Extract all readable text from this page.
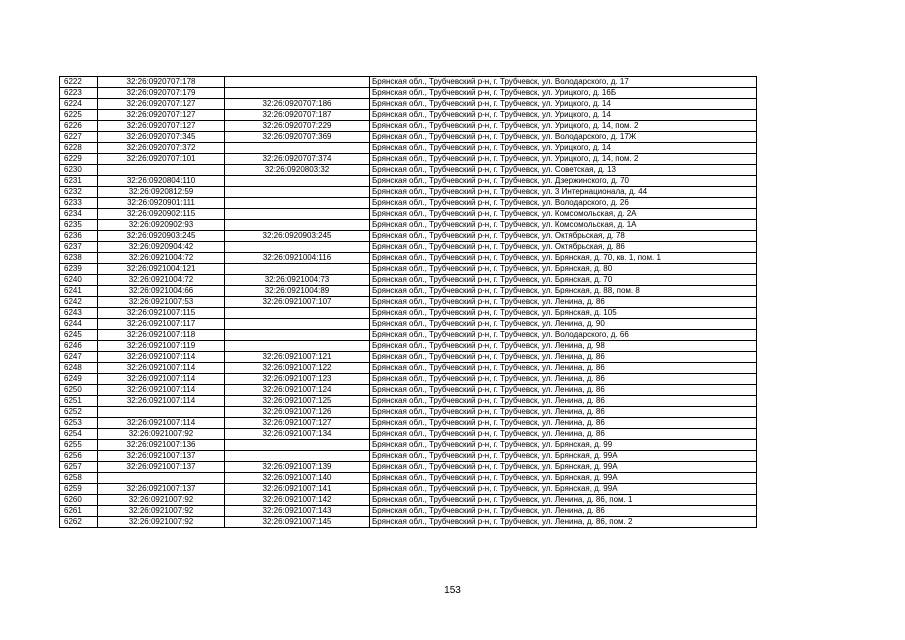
6222	32:26:0920707:178		Брянская обл., Трубчевский р-н, г. Трубчевск, ул. Володарского, д. 17
6223	32:26:0920707:179		Брянская обл., Трубчевский р-н, г. Трубчевск, ул. Урицкого, д. 16Б
6224	32:26:0920707:127	32:26:0920707:186	Брянская обл., Трубчевский р-н, г. Трубчевск, ул. Урицкого, д. 14
6225	32:26:0920707:127	32:26:0920707:187	Брянская обл., Трубчевский р-н, г. Трубчевск, ул. Урицкого, д. 14
6226	32:26:0920707:127	32:26:0920707:229	Брянская обл., Трубчевский р-н, г. Трубчевск, ул. Урицкого, д. 14, пом. 2
6227	32:26:0920707:345	32:26:0920707:369	Брянская обл., Трубчевский р-н, г. Трубчевск, ул. Володарского, д. 17Ж
6228	32:26:0920707:372		Брянская обл., Трубчевский р-н, г. Трубчевск, ул. Урицкого, д. 14
6229	32:26:0920707:101	32:26:0920707:374	Брянская обл., Трубчевский р-н, г. Трубчевск, ул. Урицкого, д. 14, пом. 2
6230		32:26:0920803:32	Брянская обл., Трубчевский р-н, г. Трубчевск, ул. Советская, д. 13
6231	32:26:0920804:110		Брянская обл., Трубчевский р-н, г. Трубчевск, ул. Дзержинского, д. 70
6232	32:26:0920812:59		Брянская обл., Трубчевский р-н, г. Трубчевск, ул. 3 Интернационала, д. 44
6233	32:26:0920901:111		Брянская обл., Трубчевский р-н, г. Трубчевск, ул. Володарского, д. 26
6234	32:26:0920902:115		Брянская обл., Трубчевский р-н, г. Трубчевск, ул. Комсомольская, д. 2А
6235	32:26:0920902:93		Брянская обл., Трубчевский р-н, г. Трубчевск, ул. Комсомольская, д. 1А
6236	32:26:0920903:245	32:26:0920903:245	Брянская обл., Трубчевский р-н, г. Трубчевск, ул. Октябрьская, д. 78
6237	32:26:0920904:42		Брянская обл., Трубчевский р-н, г. Трубчевск, ул. Октябрьская, д. 86
6238	32:26:0921004:72	32:26:0921004:116	Брянская обл., Трубчевский р-н, г. Трубчевск, ул. Брянская, д. 70, кв. 1, пом. 1
6239	32:26:0921004:121		Брянская обл., Трубчевский р-н, г. Трубчевск, ул. Брянская, д. 80
6240	32:26:0921004:72	32:26:0921004:73	Брянская обл., Трубчевский р-н, г. Трубчевск, ул. Брянская, д. 70
6241	32:26:0921004:66	32:26:0921004:89	Брянская обл., Трубчевский р-н, г. Трубчевск, ул. Брянская, д. 88, пом. 8
6242	32:26:0921007:53	32:26:0921007:107	Брянская обл., Трубчевский р-н, г. Трубчевск, ул. Ленина, д. 86
6243	32:26:0921007:115		Брянская обл., Трубчевский р-н, г. Трубчевск, ул. Брянская, д. 105
6244	32:26:0921007:117		Брянская обл., Трубчевский р-н, г. Трубчевск, ул. Ленина, д. 90
6245	32:26:0921007:118		Брянская обл., Трубчевский р-н, г. Трубчевск, ул. Володарского, д. 66
6246	32:26:0921007:119		Брянская обл., Трубчевский р-н, г. Трубчевск, ул. Ленина, д. 98
6247	32:26:0921007:114	32:26:0921007:121	Брянская обл., Трубчевский р-н, г. Трубчевск, ул. Ленина, д. 86
6248	32:26:0921007:114	32:26:0921007:122	Брянская обл., Трубчевский р-н, г. Трубчевск, ул. Ленина, д. 86
6249	32:26:0921007:114	32:26:0921007:123	Брянская обл., Трубчевский р-н, г. Трубчевск, ул. Ленина, д. 86
6250	32:26:0921007:114	32:26:0921007:124	Брянская обл., Трубчевский р-н, г. Трубчевск, ул. Ленина, д. 86
6251	32:26:0921007:114	32:26:0921007:125	Брянская обл., Трубчевский р-н, г. Трубчевск, ул. Ленина, д. 86
6252		32:26:0921007:126	Брянская обл., Трубчевский р-н, г. Трубчевск, ул. Ленина, д. 86
6253	32:26:0921007:114	32:26:0921007:127	Брянская обл., Трубчевский р-н, г. Трубчевск, ул. Ленина, д. 86
6254	32:26:0921007:92	32:26:0921007:134	Брянская обл., Трубчевский р-н, г. Трубчевск, ул. Ленина, д. 86
6255	32:26:0921007:136		Брянская обл., Трубчевский р-н, г. Трубчевск, ул. Брянская, д. 99
6256	32:26:0921007:137		Брянская обл., Трубчевский р-н, г. Трубчевск, ул. Брянская, д. 99А
6257	32:26:0921007:137	32:26:0921007:139	Брянская обл., Трубчевский р-н, г. Трубчевск, ул. Брянская, д. 99А
6258		32:26:0921007:140	Брянская обл., Трубчевский р-н, г. Трубчевск, ул. Брянская, д. 99А
6259	32:26:0921007:137	32:26:0921007:141	Брянская обл., Трубчевский р-н, г. Трубчевск, ул. Брянская, д. 99А
6260	32:26:0921007:92	32:26:0921007:142	Брянская обл., Трубчевский р-н, г. Трубчевск, ул. Ленина, д. 86, пом. 1
6261	32:26:0921007:92	32:26:0921007:143	Брянская обл., Трубчевский р-н, г. Трубчевск, ул. Ленина, д. 86
6262	32:26:0921007:92	32:26:0921007:145	Брянская обл., Трубчевский р-н, г. Трубчевск, ул. Ленина, д. 86, пом. 2
153
